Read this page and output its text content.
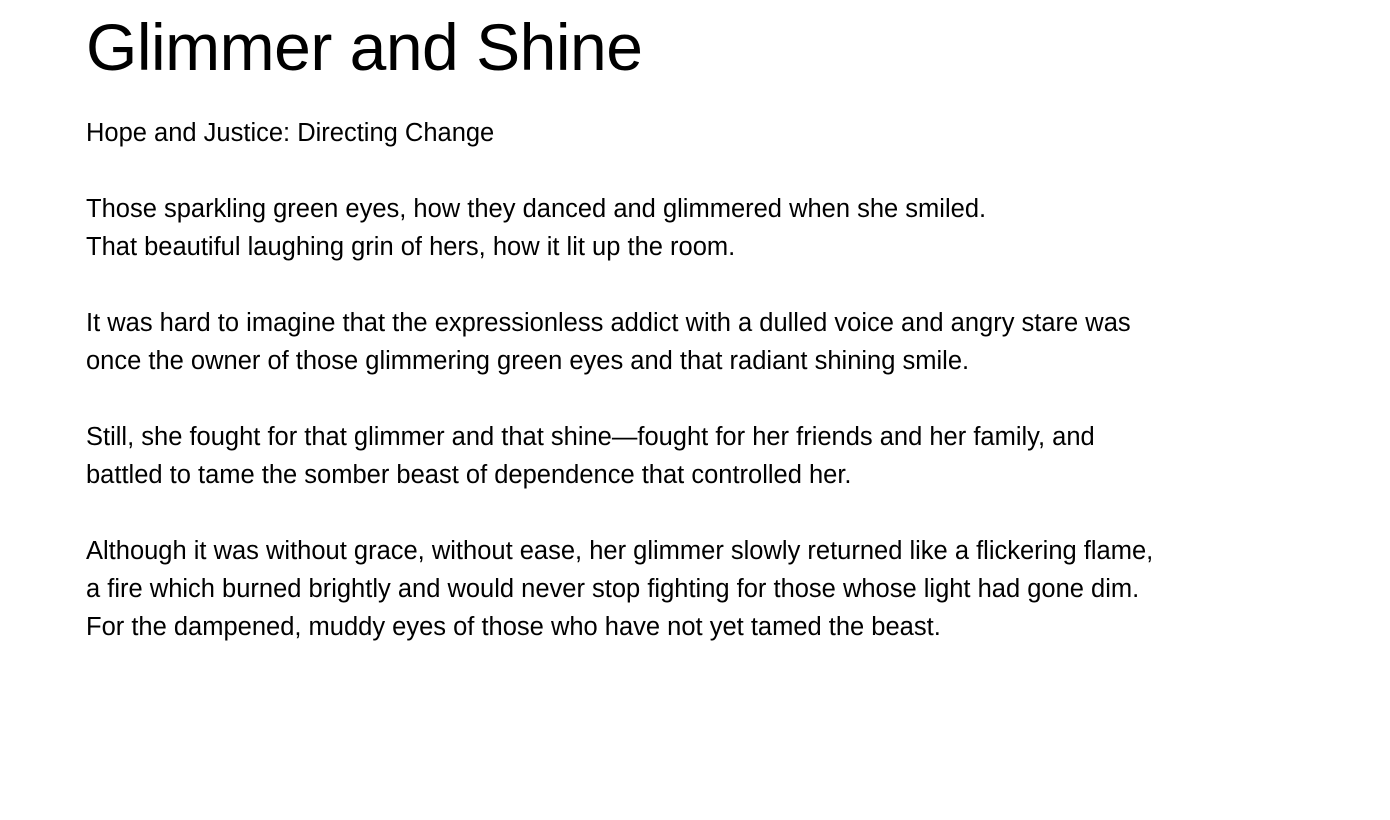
Glimmer and Shine

Hope and Justice: Directing Change

Those sparkling green eyes, how they danced and glimmered when she smiled.
That beautiful laughing grin of hers, how it lit up the room.

It was hard to imagine that the expressionless addict with a dulled voice and angry stare was
once the owner of those glimmering green eyes and that radiant shining smile.

Still, she fought for that glimmer and that shine—fought for her friends and her family, and
battled to tame the somber beast of dependence that controlled her.

Although it was without grace, without ease, her glimmer slowly returned like a flickering flame,
a fire which burned brightly and would never stop fighting for those whose light had gone dim.
For the dampened, muddy eyes of those who have not yet tamed the beast.
